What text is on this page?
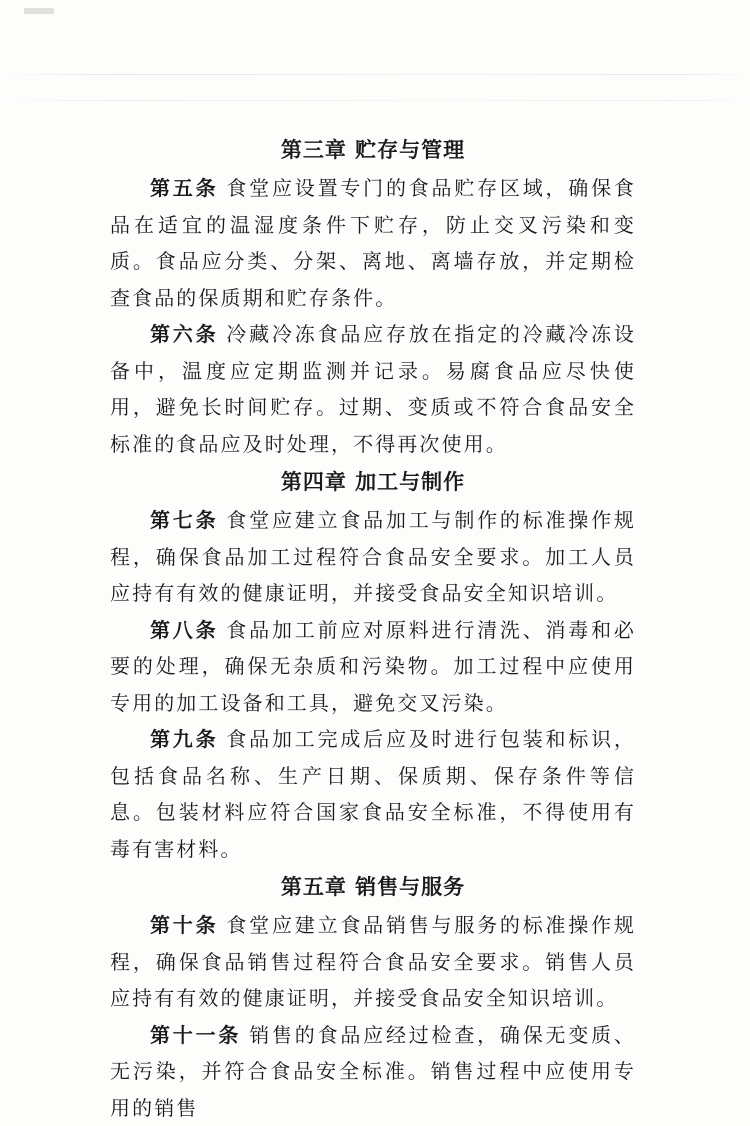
第三章 贮存与管理

第五条 食堂应设置专门的食品贮存区域，确保食品在适宜的温湿度条件下贮存，防止交叉污染和变质。食品应分类、分架、离地、离墙存放，并定期检查食品的保质期和贮存条件。

第六条 冷藏冷冻食品应存放在指定的冷藏冷冻设备中，温度应定期监测并记录。易腐食品应尽快使用，避免长时间贮存。过期、变质或不符合食品安全标准的食品应及时处理，不得再次使用。

第四章 加工与制作

第七条 食堂应建立食品加工与制作的标准操作规程，确保食品加工过程符合食品安全要求。加工人员应持有有效的健康证明，并接受食品安全知识培训。

第八条 食品加工前应对原料进行清洗、消毒和必要的处理，确保无杂质和污染物。加工过程中应使用专用的加工设备和工具，避免交叉污染。

第九条 食品加工完成后应及时进行包装和标识，包括食品名称、生产日期、保质期、保存条件等信息。包装材料应符合国家食品安全标准，不得使用有毒有害材料。

第五章 销售与服务

第十条 食堂应建立食品销售与服务的标准操作规程，确保食品销售过程符合食品安全要求。销售人员应持有有效的健康证明，并接受食品安全知识培训。

第十一条 销售的食品应经过检查，确保无变质、无污染，并符合食品安全标准。销售过程中应使用专用的销售
